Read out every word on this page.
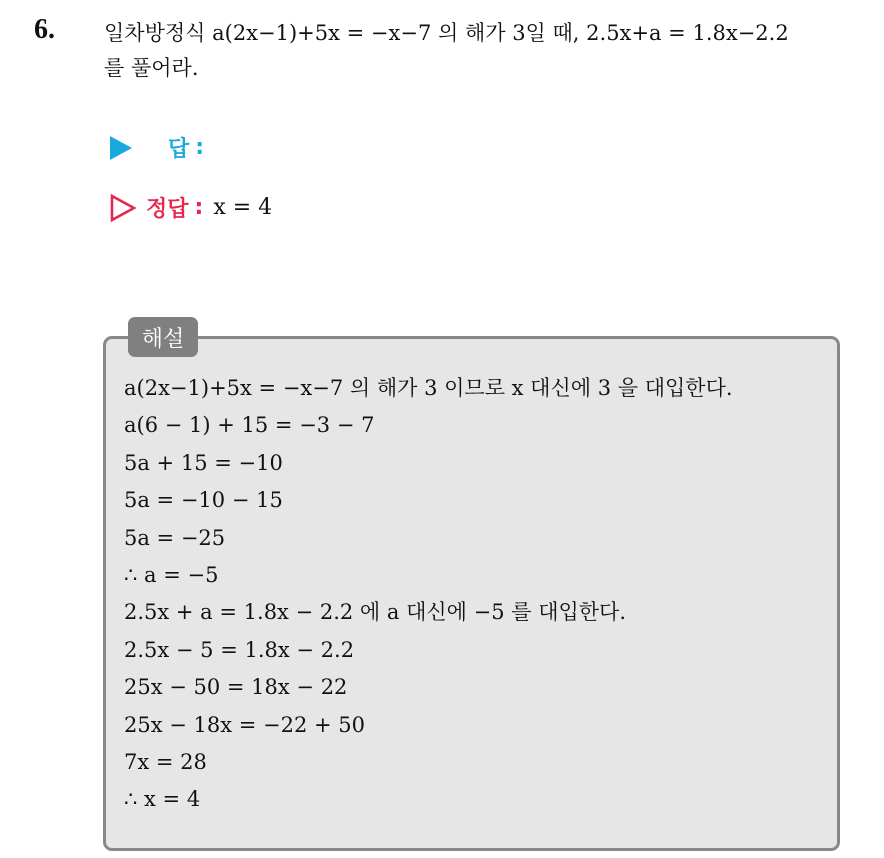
6. 일차방정식 a(2x−1)+5x = −x−7 의 해가 3일 때, 2.5x+a = 1.8x−2.2
를 풀어라.
답 :
정답 : x = 4
해설
a(2x−1)+5x = −x−7 의 해가 3 이므로 x 대신에 3 을 대입한다.
a(6 − 1) + 15 = −3 − 7
5a + 15 = −10
5a = −10 − 15
5a = −25
∴ a = −5
2.5x + a = 1.8x − 2.2 에 a 대신에 −5 를 대입한다.
2.5x − 5 = 1.8x − 2.2
25x − 50 = 18x − 22
25x − 18x = −22 + 50
7x = 28
∴ x = 4
